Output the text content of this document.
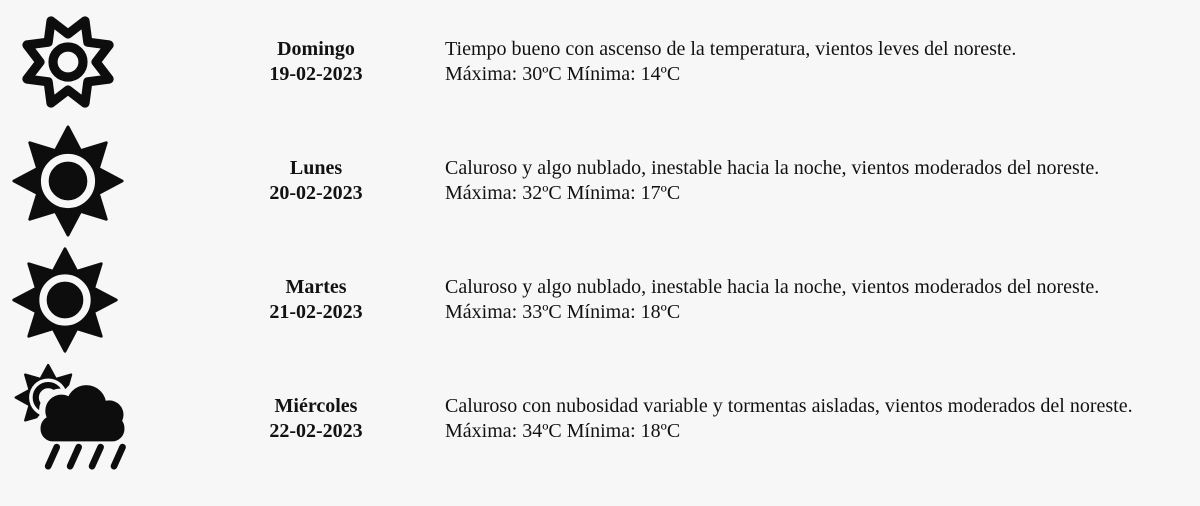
Domingo
19-02-2023
Tiempo bueno con ascenso de la temperatura, vientos leves del noreste.
Máxima: 30ºC Mínima: 14ºC
Lunes
20-02-2023
Caluroso y algo nublado, inestable hacia la noche, vientos moderados del noreste.
Máxima: 32ºC Mínima: 17ºC
Martes
21-02-2023
Caluroso y algo nublado, inestable hacia la noche, vientos moderados del noreste.
Máxima: 33ºC Mínima: 18ºC
Miércoles
22-02-2023
Caluroso con nubosidad variable y tormentas aisladas, vientos moderados del noreste.
Máxima: 34ºC Mínima: 18ºC
